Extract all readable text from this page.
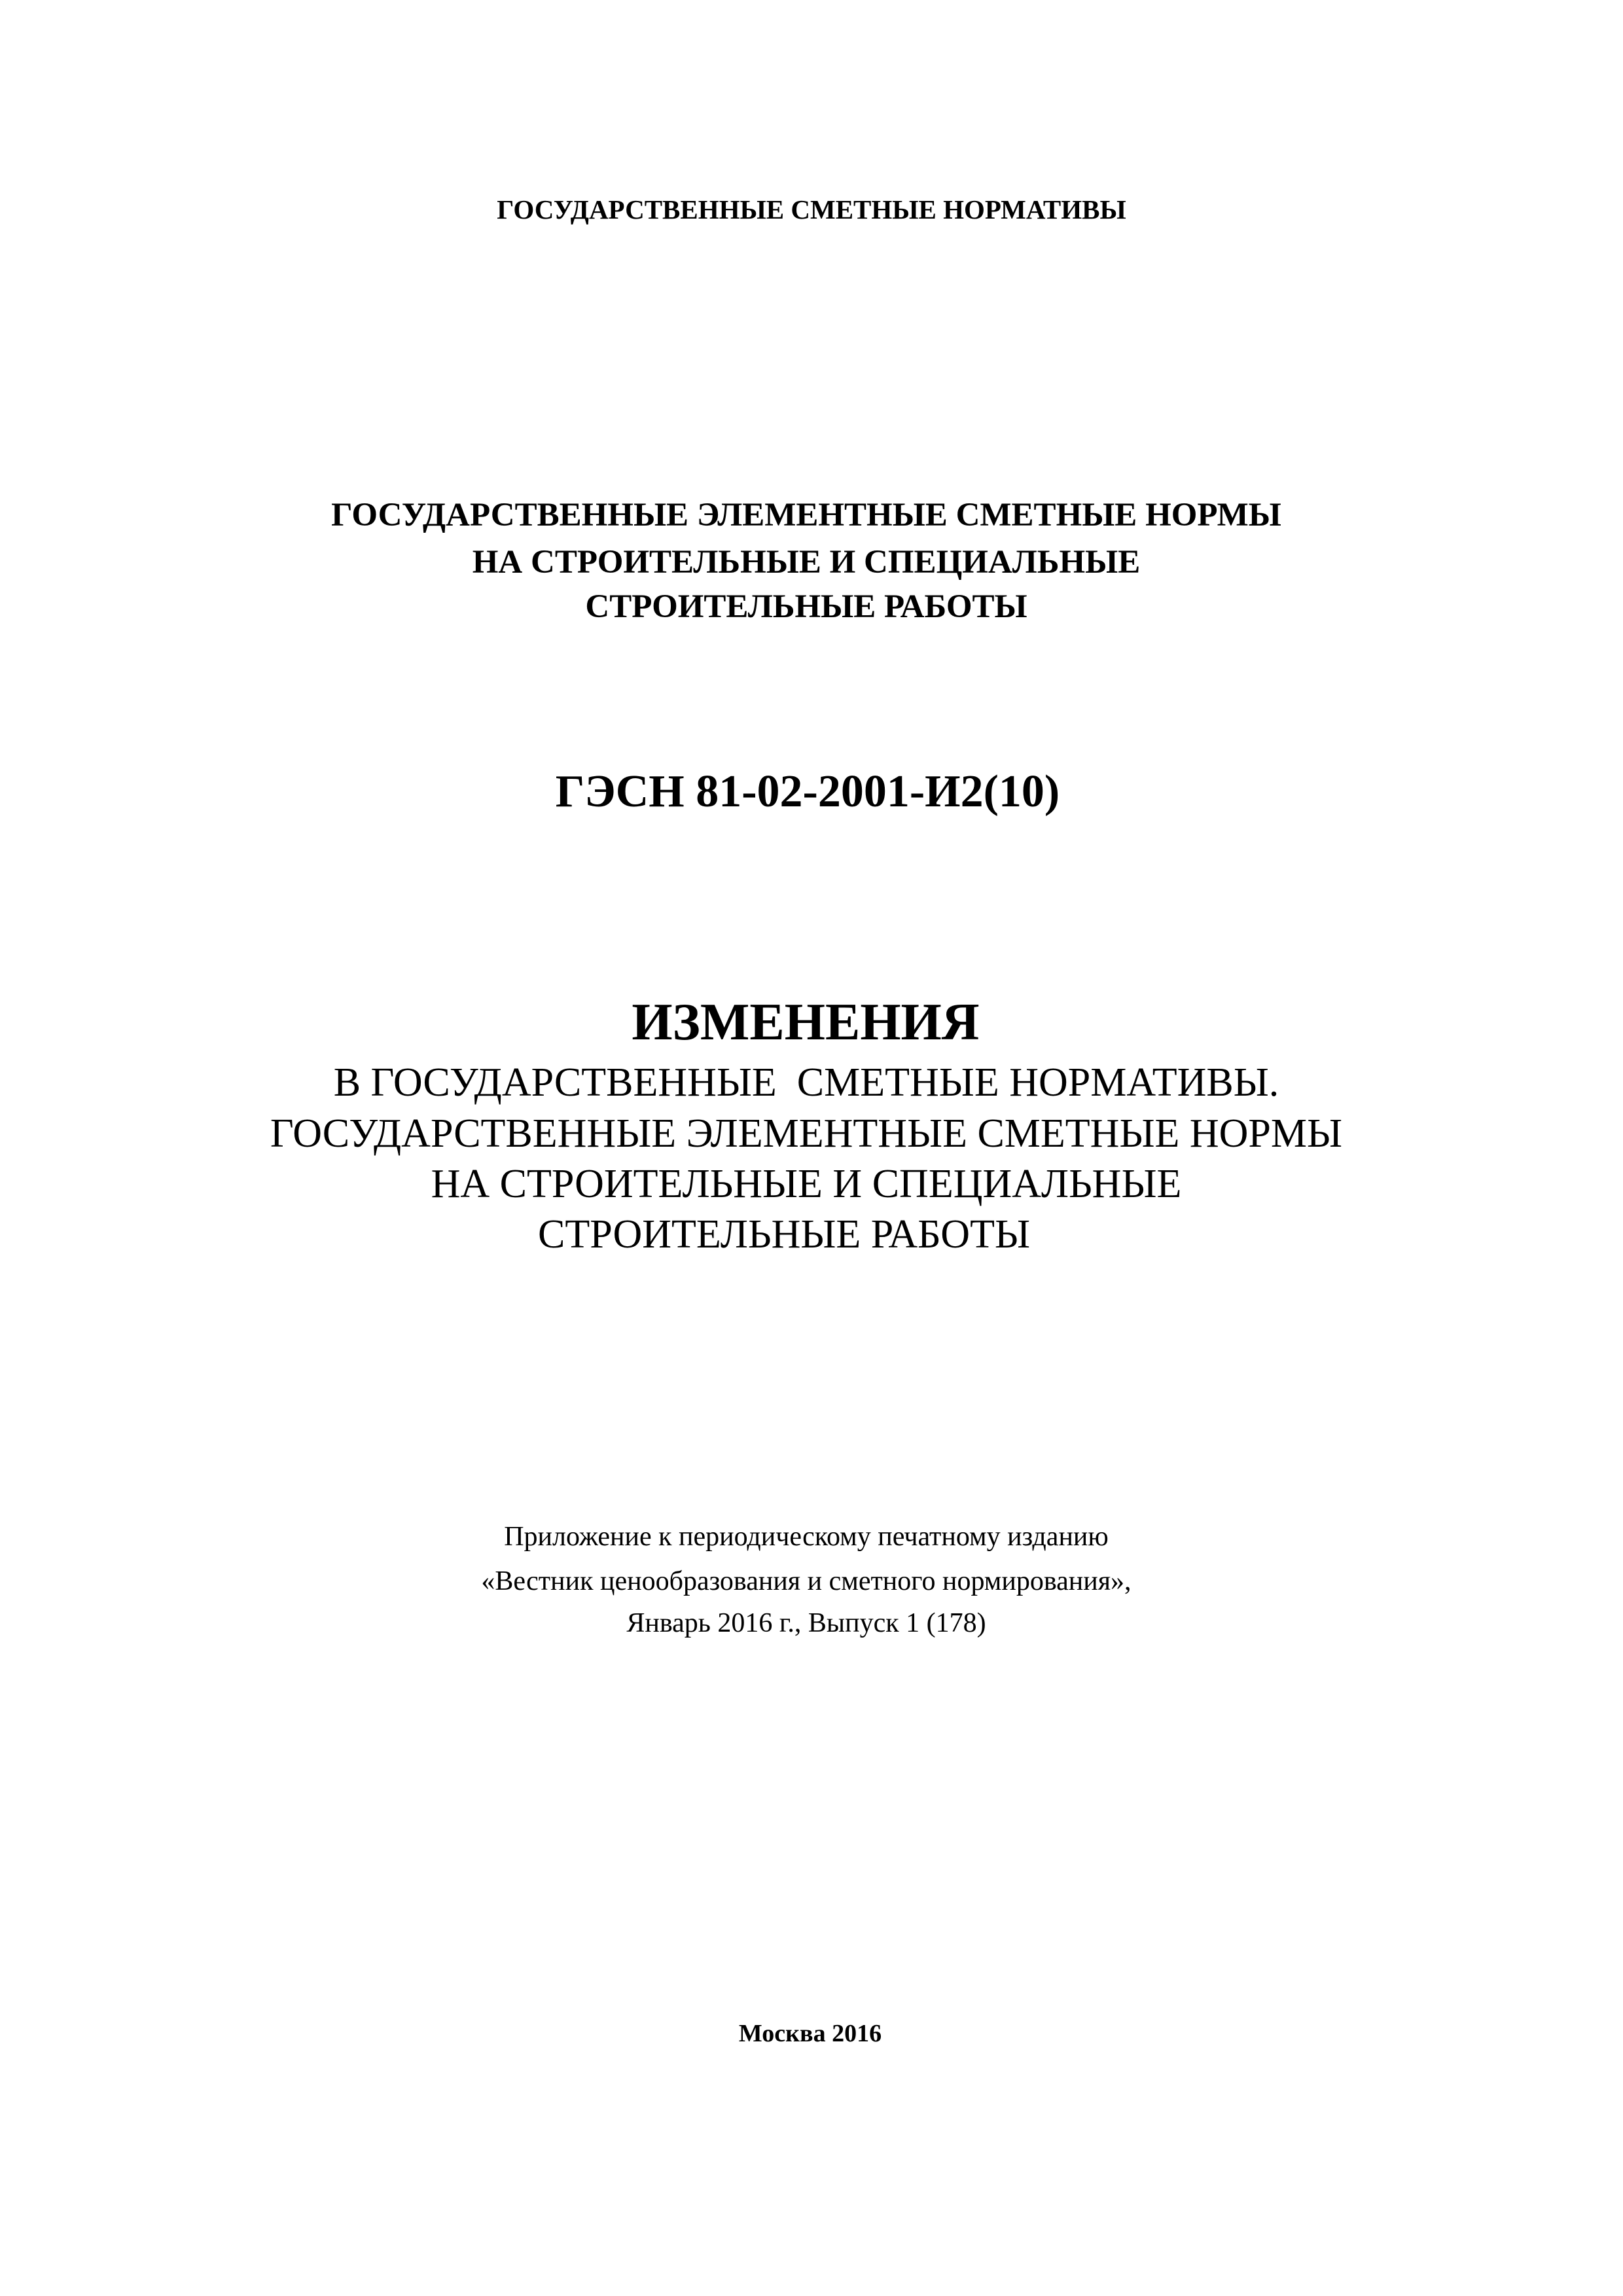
ГОСУДАРСТВЕННЫЕ СМЕТНЫЕ НОРМАТИВЫ
ГОСУДАРСТВЕННЫЕ ЭЛЕМЕНТНЫЕ СМЕТНЫЕ НОРМЫ
НА СТРОИТЕЛЬНЫЕ И СПЕЦИАЛЬНЫЕ
СТРОИТЕЛЬНЫЕ РАБОТЫ
ГЭСН 81-02-2001-И2(10)
ИЗМЕНЕНИЯ
В ГОСУДАРСТВЕННЫЕ  СМЕТНЫЕ НОРМАТИВЫ.
ГОСУДАРСТВЕННЫЕ ЭЛЕМЕНТНЫЕ СМЕТНЫЕ НОРМЫ
НА СТРОИТЕЛЬНЫЕ И СПЕЦИАЛЬНЫЕ
СТРОИТЕЛЬНЫЕ РАБОТЫ
Приложение к периодическому печатному изданию
«Вестник ценообразования и сметного нормирования»,
Январь 2016 г., Выпуск 1 (178)
Москва 2016
